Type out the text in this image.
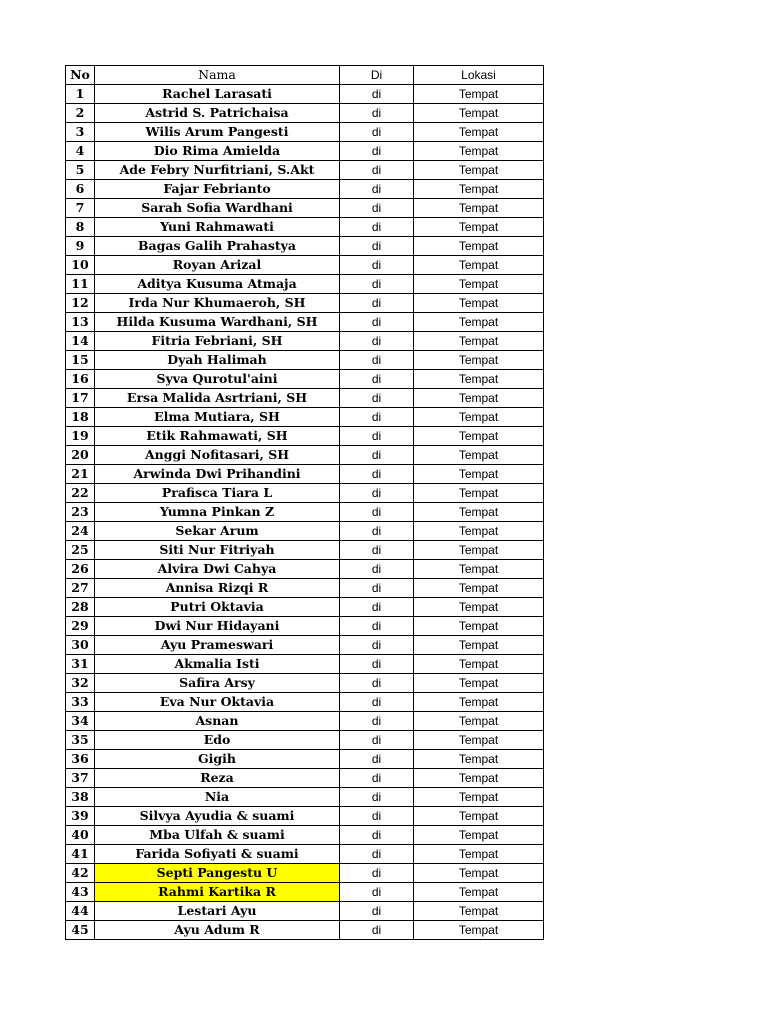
No	Nama	Di	Lokasi
1	Rachel Larasati	di	Tempat
2	Astrid S. Patrichaisa	di	Tempat
3	Wilis Arum Pangesti	di	Tempat
4	Dio Rima Amielda	di	Tempat
5	Ade Febry Nurfitriani, S.Akt	di	Tempat
6	Fajar Febrianto	di	Tempat
7	Sarah Sofia Wardhani	di	Tempat
8	Yuni Rahmawati	di	Tempat
9	Bagas Galih Prahastya	di	Tempat
10	Royan Arizal	di	Tempat
11	Aditya Kusuma Atmaja	di	Tempat
12	Irda Nur Khumaeroh, SH	di	Tempat
13	Hilda Kusuma Wardhani, SH	di	Tempat
14	Fitria Febriani, SH	di	Tempat
15	Dyah Halimah	di	Tempat
16	Syva Qurotul'aini	di	Tempat
17	Ersa Malida Asrtriani, SH	di	Tempat
18	Elma Mutiara, SH	di	Tempat
19	Etik Rahmawati, SH	di	Tempat
20	Anggi Nofitasari, SH	di	Tempat
21	Arwinda Dwi Prihandini	di	Tempat
22	Prafisca Tiara L	di	Tempat
23	Yumna Pinkan Z	di	Tempat
24	Sekar Arum	di	Tempat
25	Siti Nur Fitriyah	di	Tempat
26	Alvira Dwi Cahya	di	Tempat
27	Annisa Rizqi R	di	Tempat
28	Putri Oktavia	di	Tempat
29	Dwi Nur Hidayani	di	Tempat
30	Ayu Prameswari	di	Tempat
31	Akmalia Isti	di	Tempat
32	Safira Arsy	di	Tempat
33	Eva Nur Oktavia	di	Tempat
34	Asnan	di	Tempat
35	Edo	di	Tempat
36	Gigih	di	Tempat
37	Reza	di	Tempat
38	Nia	di	Tempat
39	Silvya Ayudia & suami	di	Tempat
40	Mba Ulfah & suami	di	Tempat
41	Farida Sofiyati & suami	di	Tempat
42	Septi Pangestu U	di	Tempat
43	Rahmi Kartika R	di	Tempat
44	Lestari Ayu	di	Tempat
45	Ayu Adum R	di	Tempat
